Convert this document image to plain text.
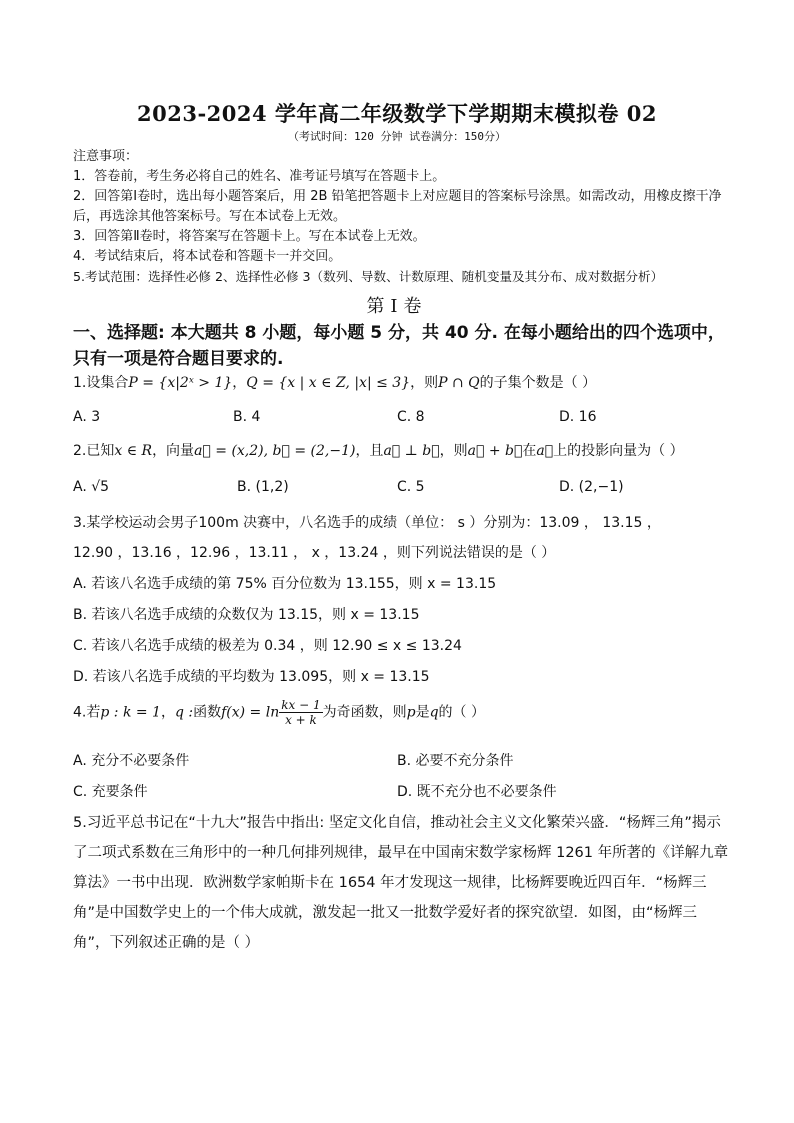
2023-2024 学年高二年级数学下学期期末模拟卷 02
（考试时间：120 分钟 试卷满分：150分）
注意事项：
1．答卷前，考生务必将自己的姓名、准考证号填写在答题卡上。
2．回答第Ⅰ卷时，选出每小题答案后，用 2B 铅笔把答题卡上对应题目的答案标号涂黑。如需改动，用橡皮擦干净后，再选涂其他答案标号。写在本试卷上无效。
3．回答第Ⅱ卷时，将答案写在答题卡上。写在本试卷上无效。
4．考试结束后，将本试卷和答题卡一并交回。
5.考试范围：选择性必修 2、选择性必修 3（数列、导数、计数原理、随机变量及其分布、成对数据分析）
第Ⅰ卷
一、选择题: 本大题共 8 小题，每小题 5 分，共 40 分. 在每小题给出的四个选项中，只有一项是符合题目要求的.
1.设集合P = {x|2ˣ > 1}，Q = {x | x ∈ Z, |x| ≤ 3}，则P ∩ Q的子集个数是（ ）
A. 3	B. 4	C. 8	D. 16
2.已知x ∈ R，向量a⃗ = (x,2), b⃗ = (2,−1)，且a⃗ ⊥ b⃗，则a⃗ + b⃗在a⃗上的投影向量为（ ）
A. √5	B. (1,2)	C. 5	D. (2,−1)
3.某学校运动会男子100m 决赛中，八名选手的成绩（单位： s ）分别为：13.09 ， 13.15 ，
12.90 ，13.16 ，12.96 ，13.11 ， x ，13.24 ，则下列说法错误的是（ ）
A. 若该八名选手成绩的第 75% 百分位数为 13.155，则 x = 13.15
B. 若该八名选手成绩的众数仅为 13.15，则 x = 13.15
C. 若该八名选手成绩的极差为 0.34 ，则 12.90 ≤ x ≤ 13.24
D. 若该八名选手成绩的平均数为 13.095，则 x = 13.15
4.若p : k = 1，q :函数$f(x) = \ln \frac{kx - 1}{x + k}$ 为奇函数，则p是q的（ ）
A. 充分不必要条件	B. 必要不充分条件
C. 充要条件	D. 既不充分也不必要条件
5.习近平总书记在“十九大”报告中指出: 坚定文化自信，推动社会主义文化繁荣兴盛．“杨辉三角”揭示了二项式系数在三角形中的一种几何排列规律，最早在中国南宋数学家杨辉 1261 年所著的《详解九章算法》一书中出现．欧洲数学家帕斯卡在 1654 年才发现这一规律，比杨辉要晚近四百年．“杨辉三角”是中国数学史上的一个伟大成就，激发起一批又一批数学爱好者的探究欲望．如图，由“杨辉三角”，下列叙述正确的是（ ）
